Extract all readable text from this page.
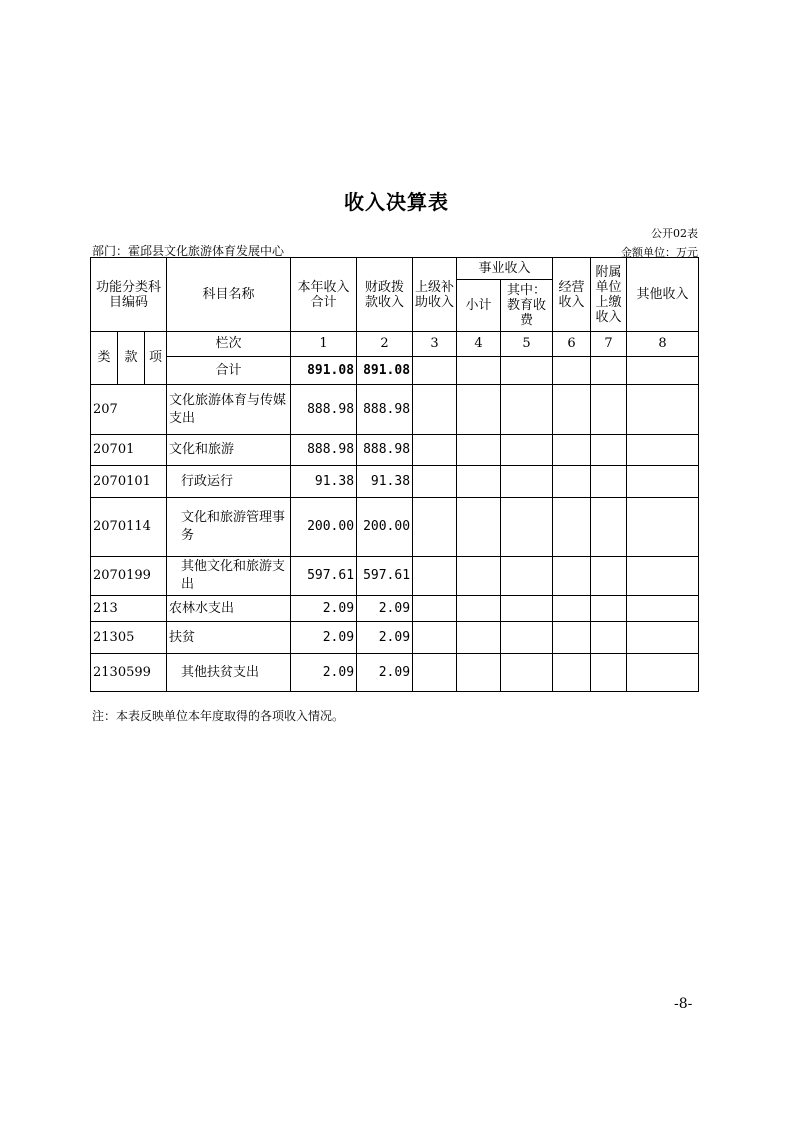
收入决算表
公开02表
部门：霍邱县文化旅游体育发展中心	金额单位：万元
功能分类科目编码			科目名称	本年收入合计	财政拨款收入	上级补助收入	事业收入		经营收入	附属单位上缴收入	其他收入
							小计	其中：教育收费			

类	款	项	栏次	1	2	3	4	5	6	7	8
			合计	891.08	891.08						
207			文化旅游体育与传媒支出	888.98	888.98						
20701			文化和旅游	888.98	888.98						
2070101			行政运行	91.38	91.38						
2070114			文化和旅游管理事务	200.00	200.00						
2070199			其他文化和旅游支出	597.61	597.61						
213			农林水支出	2.09	2.09						
21305			扶贫	2.09	2.09						
2130599			其他扶贫支出	2.09	2.09						
注：本表反映单位本年度取得的各项收入情况。
-8-
